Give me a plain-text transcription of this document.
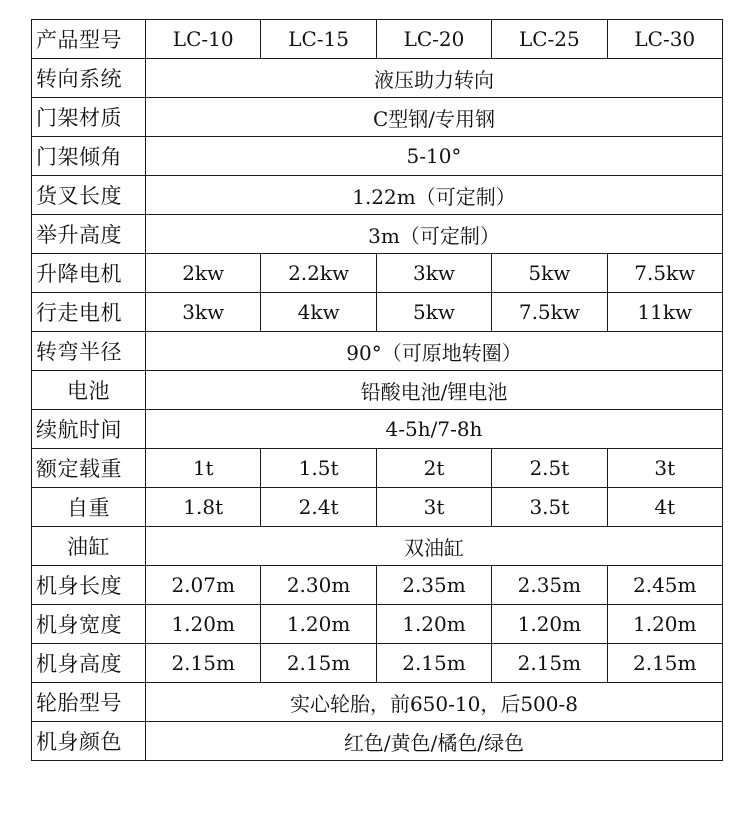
产品型号	LC-10	LC-15	LC-20	LC-25	LC-30
转向系统	液压助力转向				
门架材质	C型钢/专用钢				
门架倾角	5-10°				
货叉长度	1.22m（可定制）				
举升高度	3m（可定制）				
升降电机	2kw	2.2kw	3kw	5kw	7.5kw
行走电机	3kw	4kw	5kw	7.5kw	11kw
转弯半径	90°（可原地转圈）				
电池	铅酸电池/锂电池				
续航时间	4-5h/7-8h				
额定载重	1t	1.5t	2t	2.5t	3t
自重	1.8t	2.4t	3t	3.5t	4t
油缸	双油缸				
机身长度	2.07m	2.30m	2.35m	2.35m	2.45m
机身宽度	1.20m	1.20m	1.20m	1.20m	1.20m
机身高度	2.15m	2.15m	2.15m	2.15m	2.15m
轮胎型号	实心轮胎，前650-10，后500-8				
机身颜色	红色/黄色/橘色/绿色				
